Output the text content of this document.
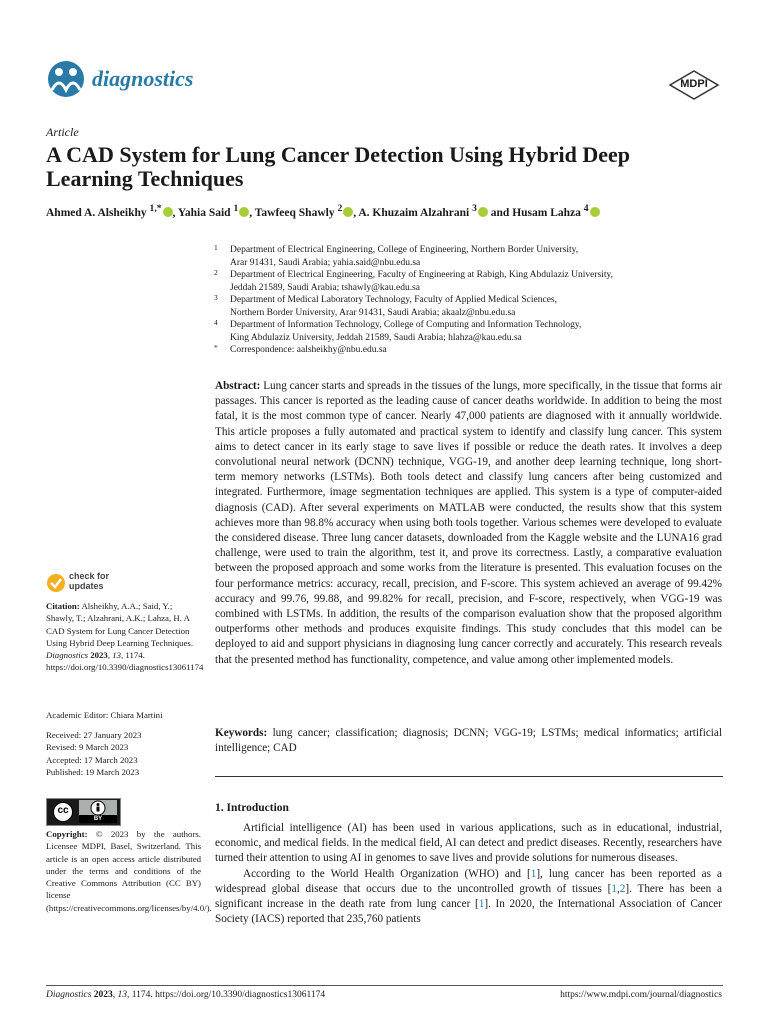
diagnostics	MDPI
Article
A CAD System for Lung Cancer Detection Using Hybrid Deep
Learning Techniques
Ahmed A. Alsheikhy $^{1,*}$ , Yahia Said $^1$ , Tawfeeq Shawly $^2$ , A. Khuzaim Alzahrani $^3$ and Husam Lahza $^4$
1 Department of Electrical Engineering, College of Engineering, Northern Border University,
Arar 91431, Saudi Arabia; yahia.said@nbu.edu.sa
2 Department of Electrical Engineering, Faculty of Engineering at Rabigh, King Abdulaziz University,
Jeddah 21589, Saudi Arabia; tshawly@kau.edu.sa
3 Department of Medical Laboratory Technology, Faculty of Applied Medical Sciences,
Northern Border University, Arar 91431, Saudi Arabia; akaalz@nbu.edu.sa
4 Department of Information Technology, College of Computing and Information Technology,
King Abdulaziz University, Jeddah 21589, Saudi Arabia; hlahza@kau.edu.sa
* Correspondence: aalsheikhy@nbu.edu.sa
Abstract: Lung cancer starts and spreads in the tissues of the lungs, more specifically, in the tissue that forms air passages. This cancer is reported as the leading cause of cancer deaths worldwide. In addition to being the most fatal, it is the most common type of cancer. Nearly 47,000 patients are diagnosed with it annually worldwide. This article proposes a fully automated and practical system to identify and classify lung cancer. This system aims to detect cancer in its early stage to save lives if possible or reduce the death rates. It involves a deep convolutional neural network (DCNN) technique, VGG-19, and another deep learning technique, long short-term memory networks (LSTMs). Both tools detect and classify lung cancers after being customized and integrated. Furthermore, image segmentation techniques are applied. This system is a type of computer-aided diagnosis (CAD). After several experiments on MATLAB were conducted, the results show that this system achieves more than 98.8% accuracy when using both tools together. Various schemes were developed to evaluate the considered disease. Three lung cancer datasets, downloaded from the Kaggle website and the LUNA16 grad challenge, were used to train the algorithm, test it, and prove its correctness. Lastly, a comparative evaluation between the proposed approach and some works from the literature is presented. This evaluation focuses on the four performance metrics: accuracy, recall, precision, and F-score. This system achieved an average of 99.42% accuracy and 99.76, 99.88, and 99.82% for recall, precision, and F-score, respectively, when VGG-19 was combined with LSTMs. In addition, the results of the comparison evaluation show that the proposed algorithm outperforms other methods and produces exquisite findings. This study concludes that this model can be deployed to aid and support physicians in diagnosing lung cancer correctly and accurately. This research reveals that the presented method has functionality, competence, and value among other implemented models.
Keywords: lung cancer; classification; diagnosis; DCNN; VGG-19; LSTMs; medical informatics; artificial intelligence; CAD
check for
updates
Citation: Alsheikhy, A.A.; Said, Y.; Shawly, T.; Alzahrani, A.K.; Lahza, H. A CAD System for Lung Cancer Detection Using Hybrid Deep Learning Techniques. Diagnostics 2023, 13, 1174. https://doi.org/10.3390/diagnostics13061174
Academic Editor: Chiara Martini
Received: 27 January 2023
Revised: 9 March 2023
Accepted: 17 March 2023
Published: 19 March 2023
cc
BY
Copyright: © 2023 by the authors. Licensee MDPI, Basel, Switzerland. This article is an open access article distributed under the terms and conditions of the Creative Commons Attribution (CC BY) license (https://creativecommons.org/licenses/by/4.0/).
1. Introduction

Artificial intelligence (AI) has been used in various applications, such as in educational, industrial, economic, and medical fields. In the medical field, AI can detect and predict diseases. Recently, researchers have turned their attention to using AI in genomes to save lives and provide solutions for numerous diseases.

According to the World Health Organization (WHO) and [1], lung cancer has been reported as a widespread global disease that occurs due to the uncontrolled growth of tissues [1,2]. There has been a significant increase in the death rate from lung cancer [1]. In 2020, the International Association of Cancer Society (IACS) reported that 235,760 patients

Diagnostics 2023, 13, 1174. https://doi.org/10.3390/diagnostics13061174	https://www.mdpi.com/journal/diagnostics
